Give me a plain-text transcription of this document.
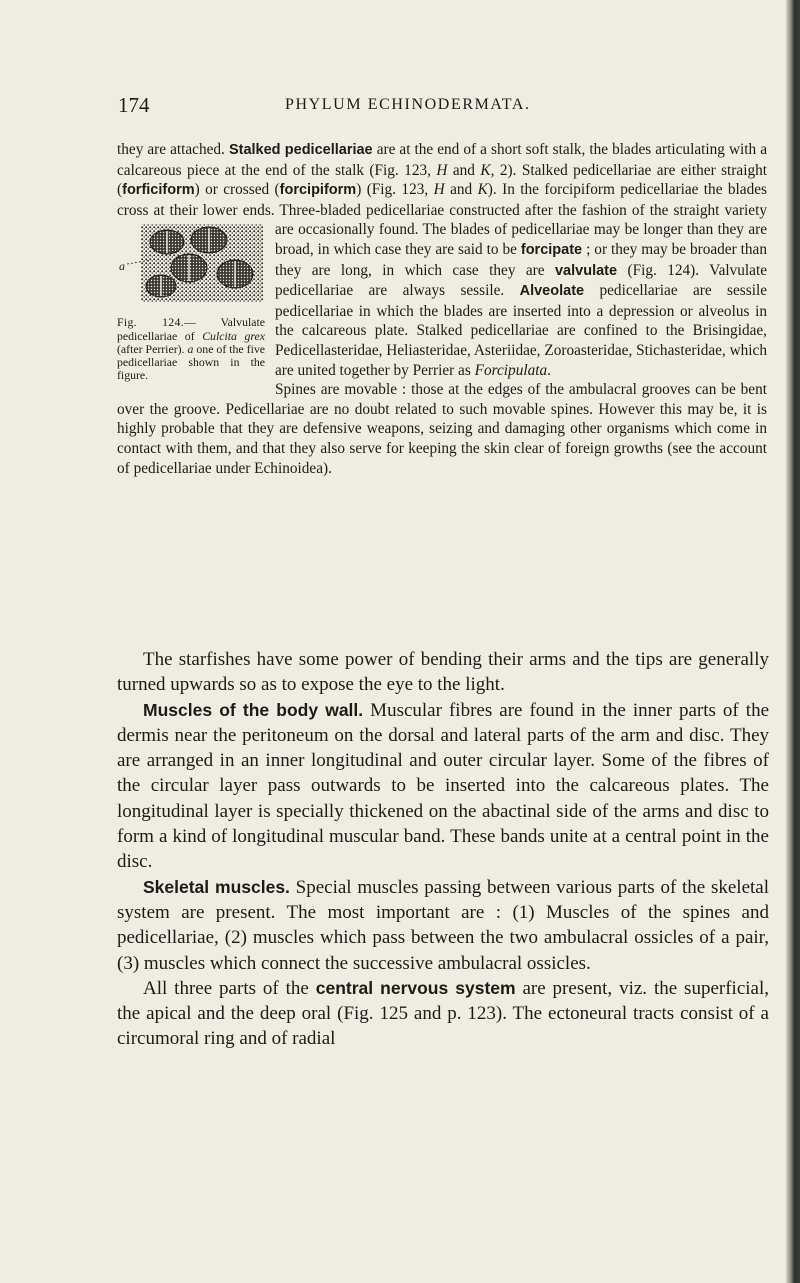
174	PHYLUM ECHINODERMATA.

they are attached. Stalked pedicellariae are at the end of a short soft stalk, the blades articulating with a calcareous piece at the end of the stalk (Fig. 123, H and K, 2). Stalked pedicellariae are either straight (forficiform) or crossed (forcipiform) (Fig. 123, H and K). In the forcipiform pedicellariae the blades cross at their lower ends. Three-bladed pedicellariae constructed after the fashion of the straight variety are
a
Fig. 124.— Valvulate pedicellariae of Culcita grex (after Perrier). a one of the five pedicellariae shown in the figure.
occasionally found. The blades of pedicellariae may be longer than they are broad, in which case they are said to be forcipate ; or they may be broader than they are long, in which case they are valvulate (Fig. 124). Valvulate pedicellariae are always sessile. Alveolate pedicellariae are sessile pedicellariae in which the blades are inserted into a depression or alveolus in the calcareous plate. Stalked pedicellariae are confined to the Brisingidae, Pedicellasteridae, Heliasteridae, Asteriidae, Zoroasteridae, Stichasteridae, which are united together by Perrier as Forcipulata.

Spines are movable : those at the edges of the ambulacral grooves can be bent over the groove. Pedicellariae are no doubt related to such movable spines. However this may be, it is highly probable that they are defensive weapons, seizing and damaging other organisms which come in contact with them, and that they also serve for keeping the skin clear of foreign growths (see the account of pedicellariae under Echinoidea).

The starfishes have some power of bending their arms and the tips are generally turned upwards so as to expose the eye to the light.

Muscles of the body wall. Muscular fibres are found in the inner parts of the dermis near the peritoneum on the dorsal and lateral parts of the arm and disc. They are arranged in an inner longitudinal and outer circular layer. Some of the fibres of the circular layer pass outwards to be inserted into the calcareous plates. The longitudinal layer is specially thickened on the abactinal side of the arms and disc to form a kind of longitudinal muscular band. These bands unite at a central point in the disc.

Skeletal muscles. Special muscles passing between various parts of the skeletal system are present. The most important are : (1) Muscles of the spines and pedicellariae, (2) muscles which pass between the two ambulacral ossicles of a pair, (3) muscles which connect the successive ambulacral ossicles.

All three parts of the central nervous system are present, viz. the superficial, the apical and the deep oral (Fig. 125 and p. 123). The ectoneural tracts consist of a circumoral ring and of radial
